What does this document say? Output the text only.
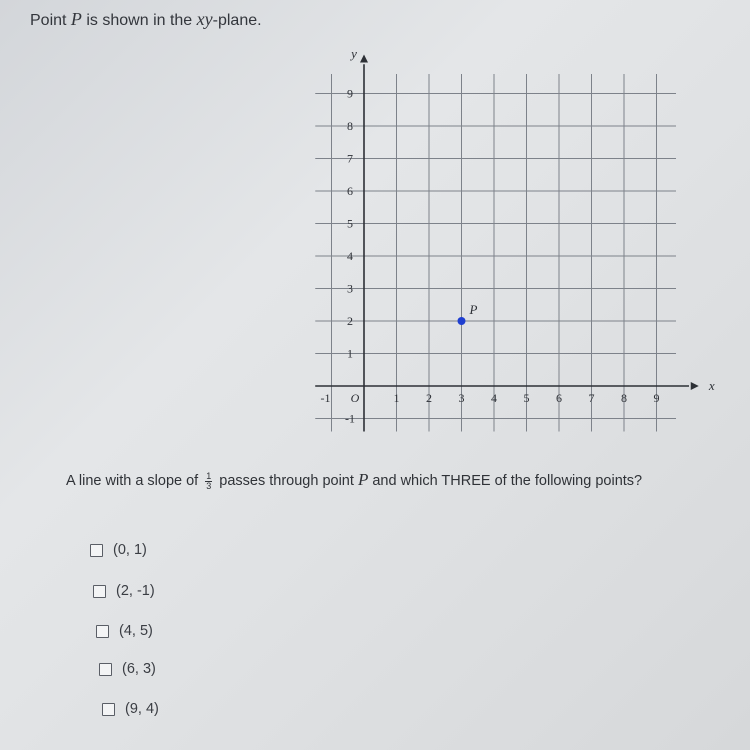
Point P is shown in the xy-plane.
x
y
O
-1	1 2 3 4 5 6 7 8 9
-1
1
2
3
4
5
6
7
8
9
P
A line with a slope of $\frac{1}{3}$ passes through point P and which THREE of the following points?
(0, 1)
(2, -1)
(4, 5)
(6, 3)
(9, 4)
